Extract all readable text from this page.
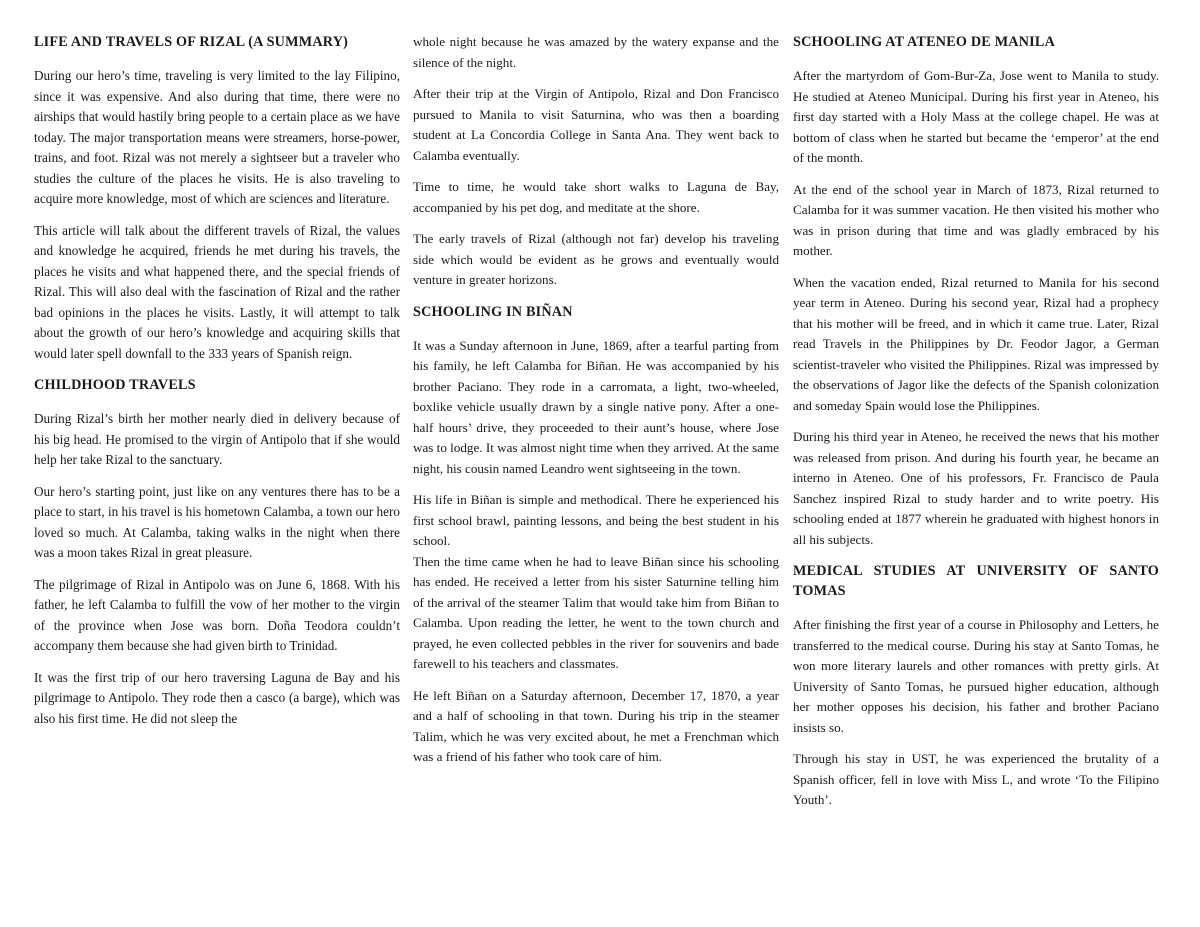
LIFE AND TRAVELS OF RIZAL (A SUMMARY)

During our hero’s time, traveling is very limited to the lay Filipino, since it was expensive. And also during that time, there were no airships that would hastily bring people to a certain place as we have today. The major transportation means were streamers, horse-power, trains, and foot. Rizal was not merely a sightseer but a traveler who studies the culture of the places he visits. He is also traveling to acquire more knowledge, most of which are sciences and literature.

This article will talk about the different travels of Rizal, the values and knowledge he acquired, friends he met during his travels, the places he visits and what happened there, and the special friends of Rizal. This will also deal with the fascination of Rizal and the rather bad opinions in the places he visits. Lastly, it will attempt to talk about the growth of our hero’s knowledge and acquiring skills that would later spell downfall to the 333 years of Spanish reign.

CHILDHOOD TRAVELS

During Rizal’s birth her mother nearly died in delivery because of his big head. He promised to the virgin of Antipolo that if she would help her take Rizal to the sanctuary.

Our hero’s starting point, just like on any ventures there has to be a place to start, in his travel is his hometown Calamba, a town our hero loved so much. At Calamba, taking walks in the night when there was a moon takes Rizal in great pleasure.

The pilgrimage of Rizal in Antipolo was on June 6, 1868. With his father, he left Calamba to fulfill the vow of her mother to the virgin of the province when Jose was born. Doña Teodora couldn’t accompany them because she had given birth to Trinidad.

It was the first trip of our hero traversing Laguna de Bay and his pilgrimage to Antipolo. They rode then a casco (a barge), which was also his first time. He did not sleep the

whole night because he was amazed by the watery expanse and the silence of the night.

After their trip at the Virgin of Antipolo, Rizal and Don Francisco pursued to Manila to visit Saturnina, who was then a boarding student at La Concordia College in Santa Ana. They went back to Calamba eventually.

Time to time, he would take short walks to Laguna de Bay, accompanied by his pet dog, and meditate at the shore.

The early travels of Rizal (although not far) develop his traveling side which would be evident as he grows and eventually would venture in greater horizons.

SCHOOLING IN BIÑAN

It was a Sunday afternoon in June, 1869, after a tearful parting from his family, he left Calamba for Biñan. He was accompanied by his brother Paciano. They rode in a carromata, a light, two-wheeled, boxlike vehicle usually drawn by a single native pony. After a one-half hours’ drive, they proceeded to their aunt’s house, where Jose was to lodge. It was almost night time when they arrived. At the same night, his cousin named Leandro went sightseeing in the town.

His life in Biñan is simple and methodical. There he experienced his first school brawl, painting lessons, and being the best student in his school.

Then the time came when he had to leave Biñan since his schooling has ended. He received a letter from his sister Saturnine telling him of the arrival of the steamer Talim that would take him from Biñan to Calamba. Upon reading the letter, he went to the town church and prayed, he even collected pebbles in the river for souvenirs and bade farewell to his teachers and classmates.

He left Biñan on a Saturday afternoon, December 17, 1870, a year and a half of schooling in that town. During his trip in the steamer Talim, which he was very excited about, he met a Frenchman which was a friend of his father who took care of him.

SCHOOLING AT ATENEO DE MANILA

After the martyrdom of Gom-Bur-Za, Jose went to Manila to study. He studied at Ateneo Municipal. During his first year in Ateneo, his first day started with a Holy Mass at the college chapel. He was at bottom of class when he started but became the ‘emperor’ at the end of the month.

At the end of the school year in March of 1873, Rizal returned to Calamba for it was summer vacation. He then visited his mother who was in prison during that time and was gladly embraced by his mother.

When the vacation ended, Rizal returned to Manila for his second year term in Ateneo. During his second year, Rizal had a prophecy that his mother will be freed, and in which it came true. Later, Rizal read Travels in the Philippines by Dr. Feodor Jagor, a German scientist-traveler who visited the Philippines. Rizal was impressed by the observations of Jagor like the defects of the Spanish colonization and someday Spain would lose the Philippines.

During his third year in Ateneo, he received the news that his mother was released from prison. And during his fourth year, he became an interno in Ateneo. One of his professors, Fr. Francisco de Paula Sanchez inspired Rizal to study harder and to write poetry. His schooling ended at 1877 wherein he graduated with highest honors in all his subjects.

MEDICAL STUDIES AT UNIVERSITY OF SANTO TOMAS

After finishing the first year of a course in Philosophy and Letters, he transferred to the medical course. During his stay at Santo Tomas, he won more literary laurels and other romances with pretty girls. At University of Santo Tomas, he pursued higher education, although her mother opposes his decision, his father and brother Paciano insists so.

Through his stay in UST, he was experienced the brutality of a Spanish officer, fell in love with Miss L, and wrote ‘To the Filipino Youth’.
